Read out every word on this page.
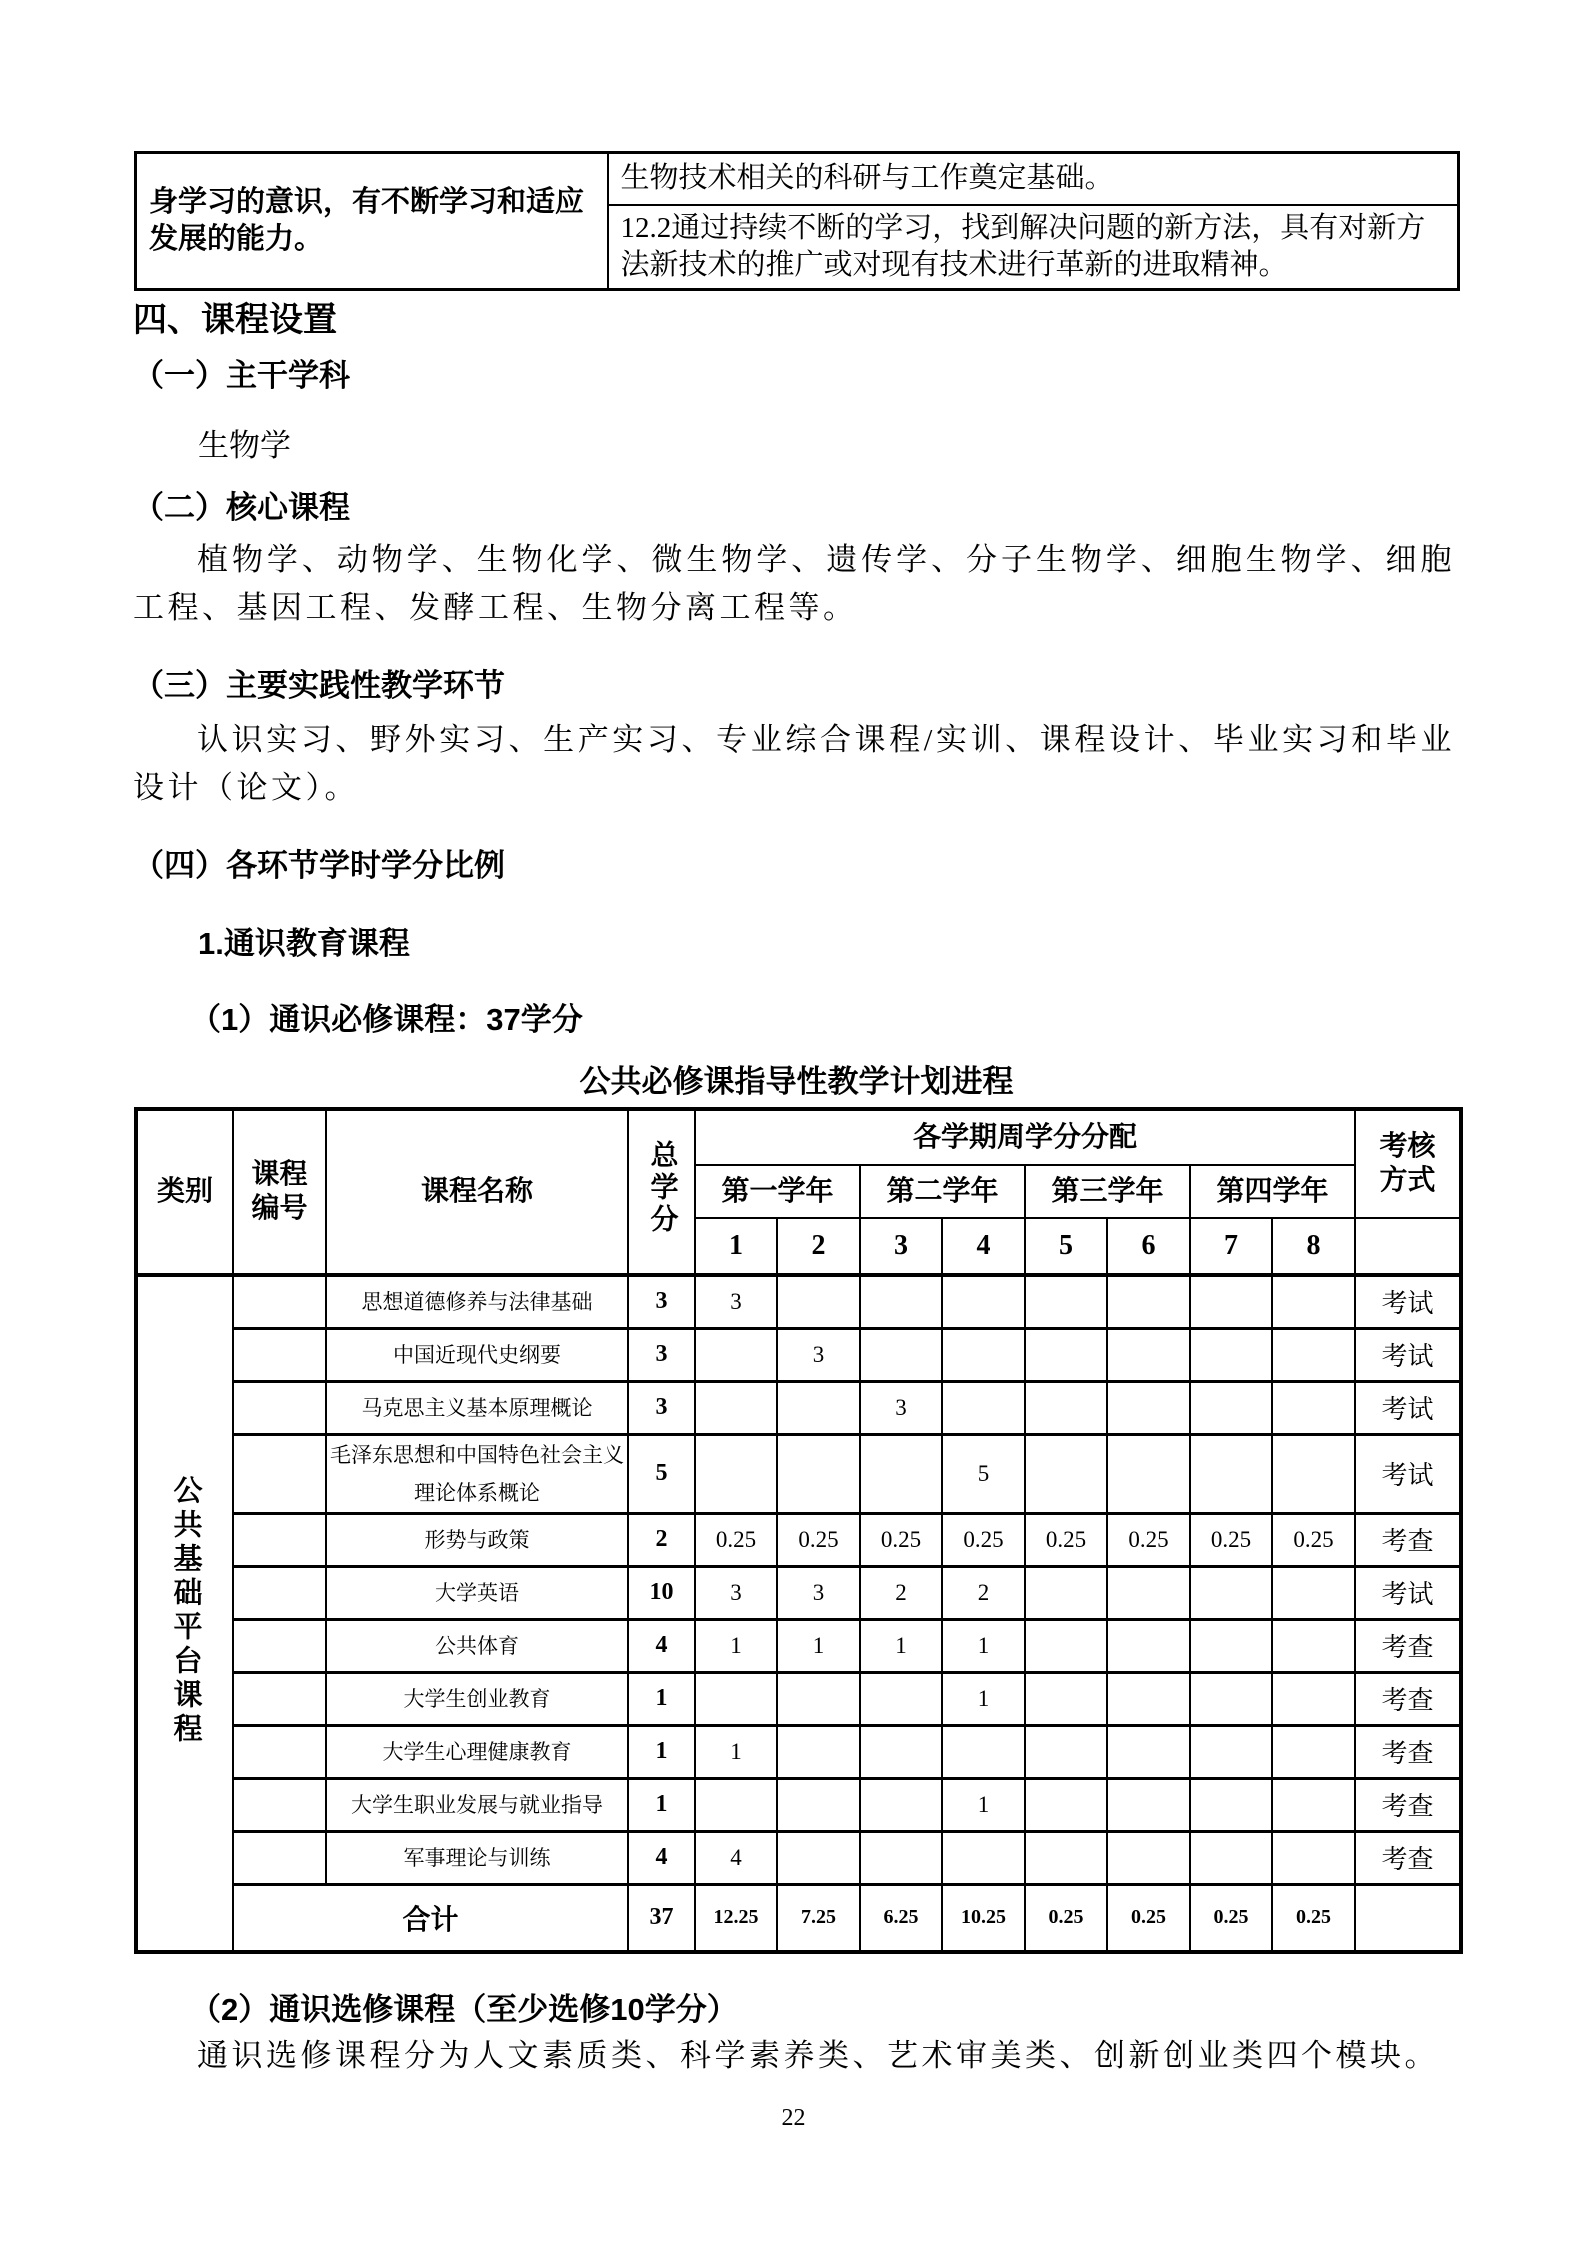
身学习的意识，有不断学习和适应发展的能力。	生物技术相关的科研与工作奠定基础。
12.2通过持续不断的学习，找到解决问题的新方法，具有对新方法新技术的推广或对现有技术进行革新的进取精神。
四、课程设置
（一）主干学科
生物学
（二）核心课程
植物学、动物学、生物化学、微生物学、遗传学、分子生物学、细胞生物学、细胞工程、基因工程、发酵工程、生物分离工程等。
（三）主要实践性教学环节
认识实习、野外实习、生产实习、专业综合课程/实训、课程设计、毕业实习和毕业设计（论文）。
（四）各环节学时学分比例
1.通识教育课程
（1）通识必修课程：37学分
公共必修课指导性教学计划进程
类别	课程编号	课程名称	总学分	各学期周学分分配								考核方式

				第一学年		第二学年		第三学年		第四学年		
				1	2	3	4	5	6	7	8	
公共基础平台课程		思想道德修养与法律基础	3	3								考试
		中国近现代史纲要	3		3							考试
		马克思主义基本原理概论	3			3						考试
		毛泽东思想和中国特色社会主义理论体系概论	5				5					考试
		形势与政策	2	0.25	0.25	0.25	0.25	0.25	0.25	0.25	0.25	考查
		大学英语	10	3	3	2	2					考试
		公共体育	4	1	1	1	1					考查
		大学生创业教育	1				1					考查
		大学生心理健康教育	1	1								考查
		大学生职业发展与就业指导	1				1					考查
		军事理论与训练	4	4								考查
	合计		37	12.25	7.25	6.25	10.25	0.25	0.25	0.25	0.25	
（2）通识选修课程（至少选修10学分）
通识选修课程分为人文素质类、科学素养类、艺术审美类、创新创业类四个模块。
22
